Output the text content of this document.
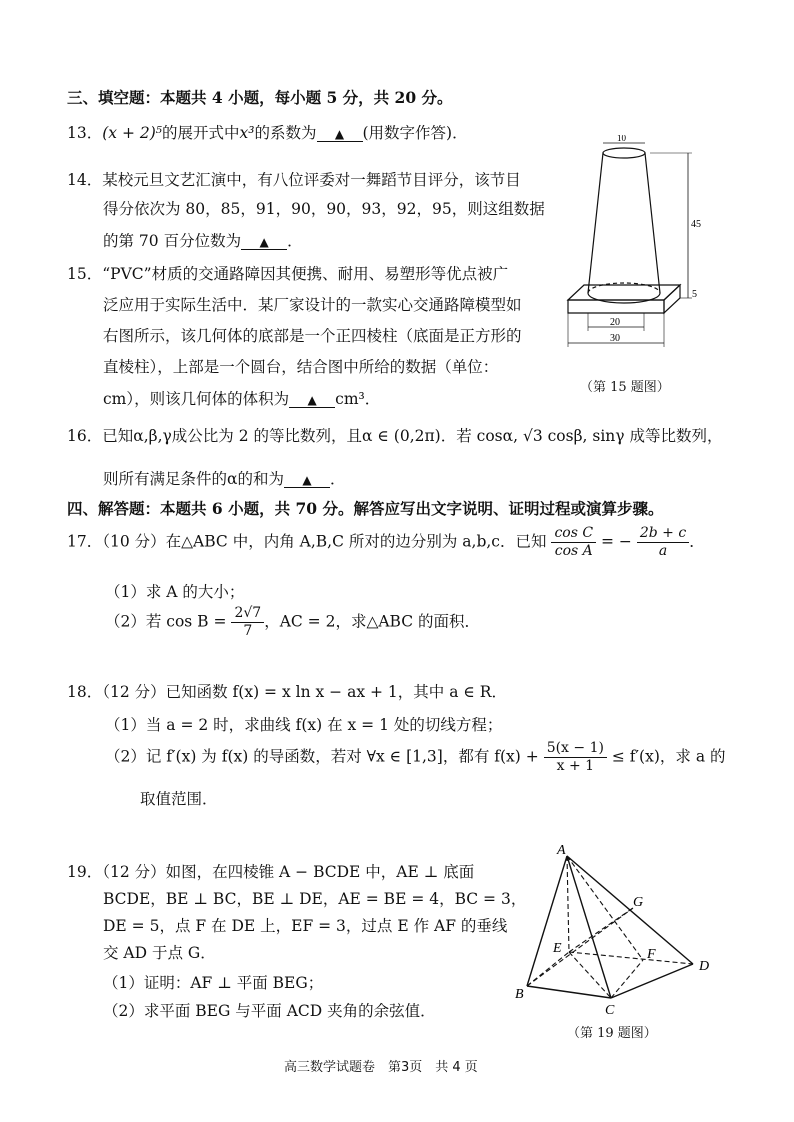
三、填空题：本题共 4 小题，每小题 5 分，共 20 分。
13．(x + 2)⁵的展开式中x³的系数为 ▲ (用数字作答)．
14．某校元旦文艺汇演中，有八位评委对一舞蹈节目评分，该节目
得分依次为 80，85，91，90，90，93，92，95，则这组数据
的第 70 百分位数为 ▲ ．
15．“PVC”材质的交通路障因其便携、耐用、易塑形等优点被广
泛应用于实际生活中．某厂家设计的一款实心交通路障模型如
右图所示，该几何体的底部是一个正四棱柱（底面是正方形的
直棱柱），上部是一个圆台，结合图中所给的数据（单位：
cm），则该几何体的体积为 ▲ cm³．
10
45
5
20
30
（第 15 题图）
16．已知α,β,γ成公比为 2 的等比数列，且α ∈ (0,2π)．若 cosα, √3 cosβ, sinγ 成等比数列，
则所有满足条件的α的和为 ▲ ．
四、解答题：本题共 6 小题，共 70 分。解答应写出文字说明、证明过程或演算步骤。
17．（10 分）在△ABC 中，内角 A,B,C 所对的边分别为 a,b,c．已知 $\frac{\text{cos C}}{\text{cos A}}$ = − $\frac{2b + c}{a}$ ．
（1）求 A 的大小；
（2）若 $\cos B = \frac{2√7}{7}$ ，AC = 2，求△ABC 的面积．
18．（12 分）已知函数 f(x) = x ln x − ax + 1，其中 a ∈ R．
（1）当 a = 2 时，求曲线 f(x) 在 x = 1 处的切线方程；
（2）记 f′(x) 为 f(x) 的导函数，若对 ∀x ∈ [1,3]，都有 $f(x) + \frac{5(x - 1)}{x + 1} \le f'(x)$，求 a 的
取值范围．
19．（12 分）如图，在四棱锥 A − BCDE 中，AE ⊥ 底面
BCDE，BE ⊥ BC，BE ⊥ DE，AE = BE = 4，BC = 3，
DE = 5，点 F 在 DE 上，EF = 3，过点 E 作 AF 的垂线
交 AD 于点 G．
（1）证明：AF ⊥ 平面 BEG；
（2）求平面 BEG 与平面 ACD 夹角的余弦值．
A
B
C
D
E	F
G
（第 19 题图）
高三数学试题卷　第3页　共 4 页
